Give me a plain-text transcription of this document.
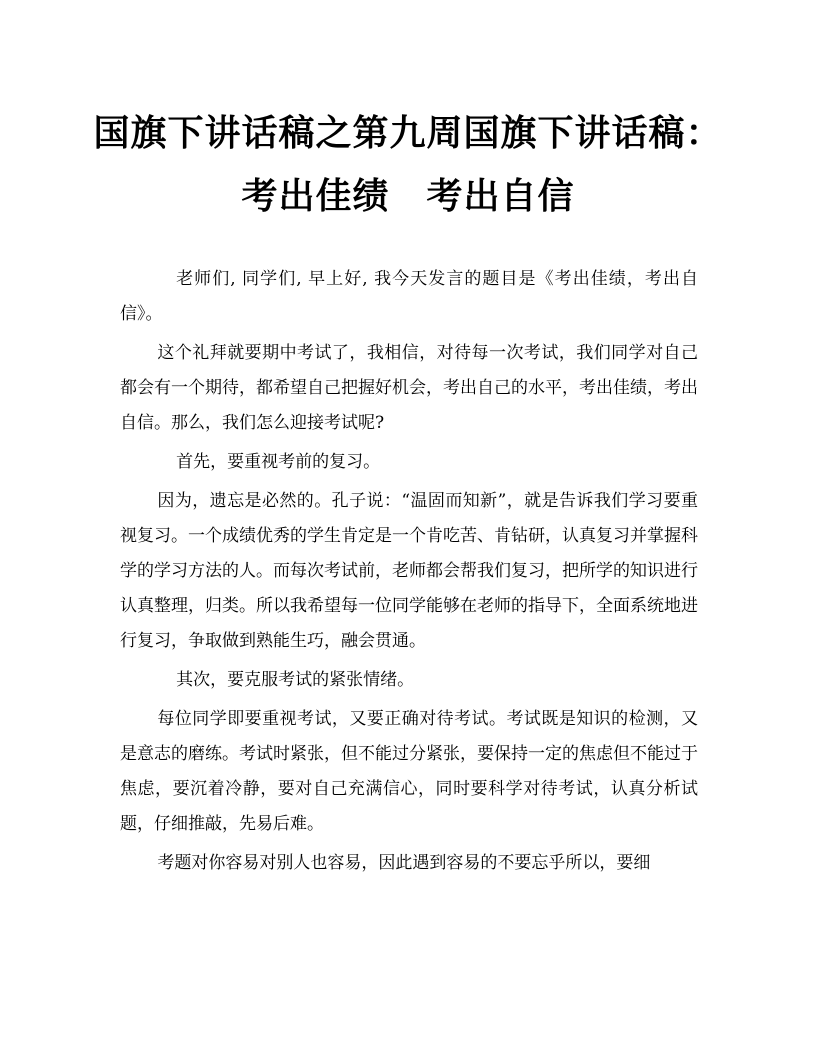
国旗下讲话稿之第九周国旗下讲话稿：
考出佳绩　考出自信

老师们, 同学们, 早上好, 我今天发言的题目是《考出佳绩，考出自信》。

这个礼拜就要期中考试了，我相信，对待每一次考试，我们同学对自己都会有一个期待，都希望自己把握好机会，考出自己的水平，考出佳绩，考出自信。那么，我们怎么迎接考试呢?

首先，要重视考前的复习。

因为，遗忘是必然的。孔子说：“温固而知新”，就是告诉我们学习要重视复习。一个成绩优秀的学生肯定是一个肯吃苦、肯钻研，认真复习并掌握科学的学习方法的人。而每次考试前，老师都会帮我们复习，把所学的知识进行认真整理，归类。所以我希望每一位同学能够在老师的指导下，全面系统地进行复习，争取做到熟能生巧，融会贯通。

其次，要克服考试的紧张情绪。

每位同学即要重视考试，又要正确对待考试。考试既是知识的检测，又是意志的磨练。考试时紧张，但不能过分紧张，要保持一定的焦虑但不能过于焦虑，要沉着冷静，要对自己充满信心，同时要科学对待考试，认真分析试题，仔细推敲，先易后难。

考题对你容易对别人也容易，因此遇到容易的不要忘乎所以，要细
